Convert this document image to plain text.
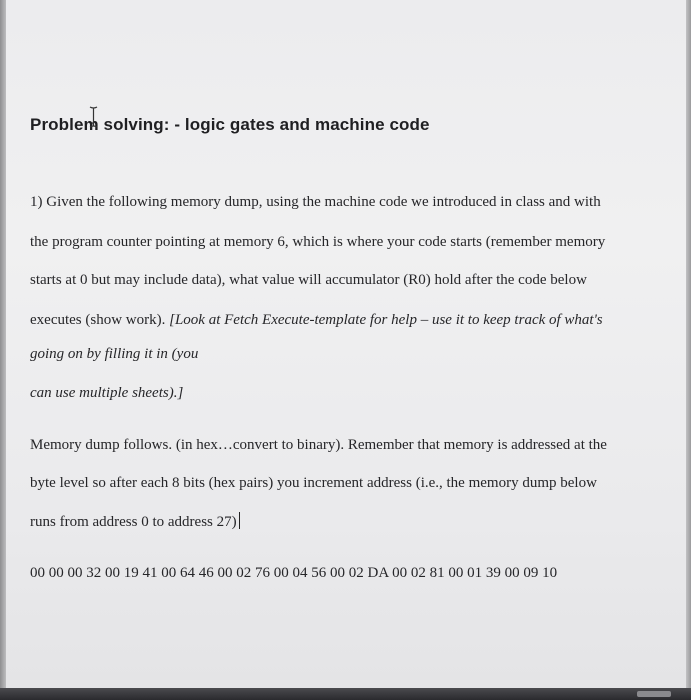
Problem solving: - logic gates and machine code
1) Given the following memory dump, using the machine code we introduced in class and with
the program counter pointing at memory 6, which is where your code starts (remember memory
starts at 0 but may include data), what value will accumulator (R0) hold after the code below
executes (show work). [Look at Fetch Execute-template for help – use it to keep track of what's
going on by filling it in (you
can use multiple sheets).]
Memory dump follows. (in hex…convert to binary). Remember that memory is addressed at the
byte level so after each 8 bits (hex pairs) you increment address (i.e., the memory dump below
runs from address 0 to address 27)
00 00 00 32 00 19 41 00 64 46 00 02 76 00 04 56 00 02 DA 00 02 81 00 01 39 00 09 10
